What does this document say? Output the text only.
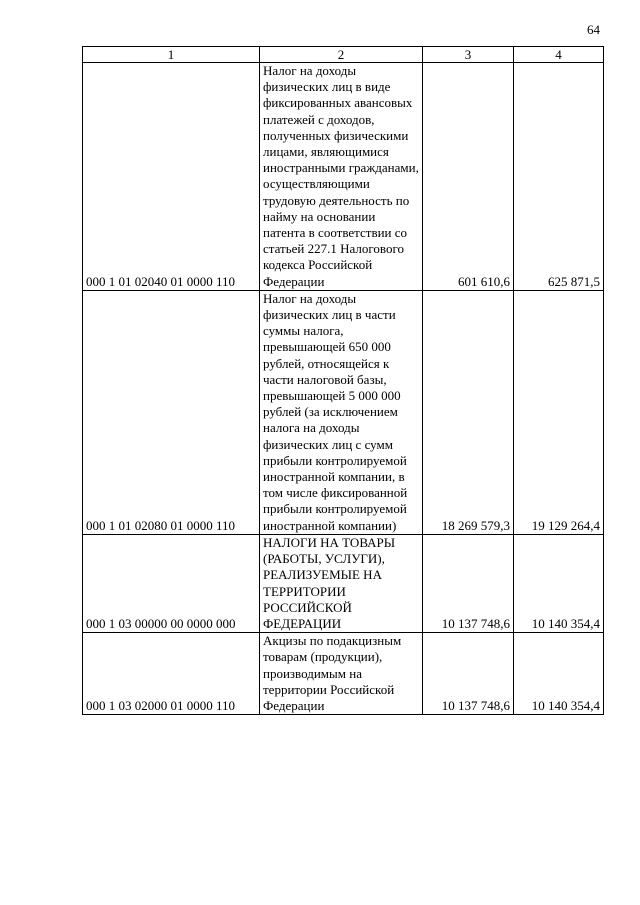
64
1	2	3	4
000 1 01 02040 01 0000 110	Налог на доходы физических лиц в виде фиксированных авансовых платежей с доходов, полученных физическими лицами, являющимися иностранными гражданами, осуществляющими трудовую деятельность по найму на основании патента в соответствии со статьей 227.1 Налогового кодекса Российской Федерации	601 610,6	625 871,5
000 1 01 02080 01 0000 110	Налог на доходы физических лиц в части суммы налога, превышающей 650 000 рублей, относящейся к части налоговой базы, превышающей 5 000 000 рублей (за исключением налога на доходы физических лиц с сумм прибыли контролируемой иностранной компании, в том числе фиксированной прибыли контролируемой иностранной компании)	18 269 579,3	19 129 264,4
000 1 03 00000 00 0000 000	НАЛОГИ НА ТОВАРЫ (РАБОТЫ, УСЛУГИ), РЕАЛИЗУЕМЫЕ НА ТЕРРИТОРИИ РОССИЙСКОЙ ФЕДЕРАЦИИ	10 137 748,6	10 140 354,4
000 1 03 02000 01 0000 110	Акцизы по подакцизным товарам (продукции), производимым на территории Российской Федерации	10 137 748,6	10 140 354,4
